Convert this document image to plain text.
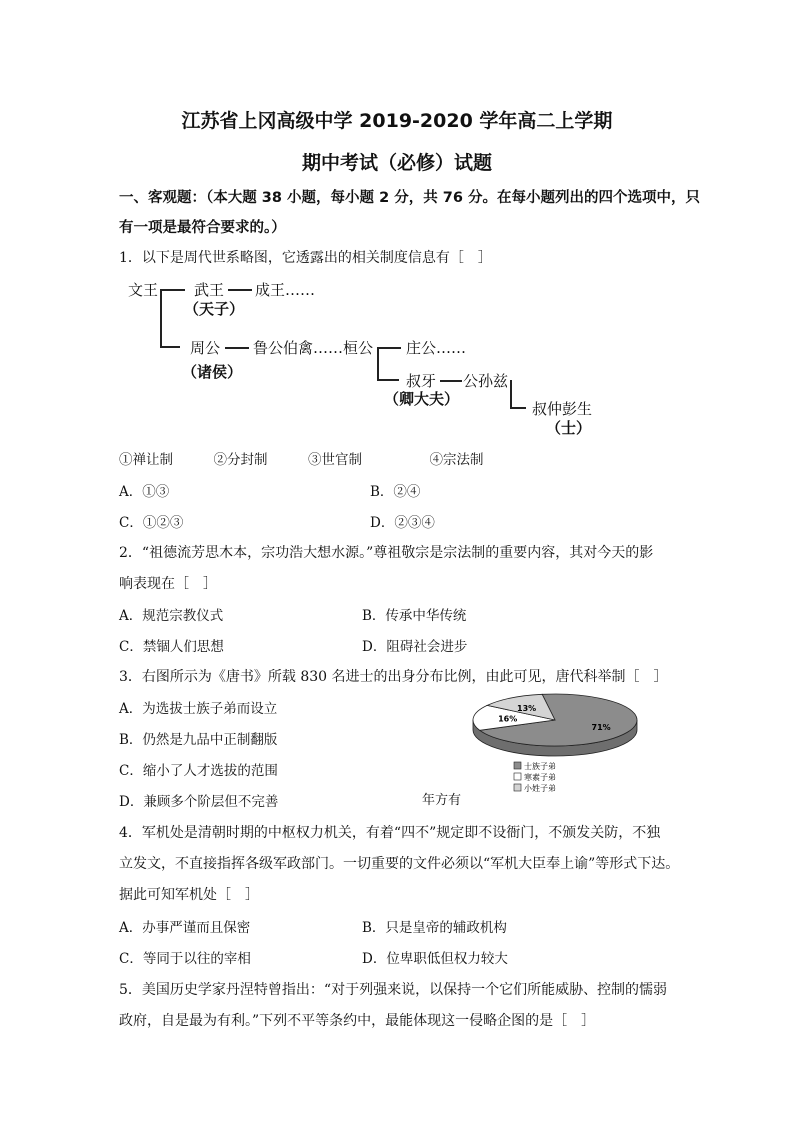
江苏省上冈高级中学 2019-2020 学年高二上学期
期中考试（必修）试题
一、客观题：（本大题 38 小题，每小题 2 分，共 76 分。在每小题列出的四个选项中，只
有一项是最符合要求的。）
1．以下是周代世系略图，它透露出的相关制度信息有［　］
文王 武王 成王……
（天子）
周公 鲁公伯禽……桓公
（诸侯）
庄公……
叔牙 公孙兹
（卿大夫）
叔仲彭生
（士）
①禅让制　　　②分封制　　　③世官制　　　　　④宗法制
A．①③	B．②④
C．①②③	D．②③④
2．“祖德流芳思木本，宗功浩大想水源。”尊祖敬宗是宗法制的重要内容，其对今天的影
响表现在［　］
A．规范宗教仪式	B．传承中华传统
C．禁锢人们思想	D．阻碍社会进步
3．右图所示为《唐书》所载 830 名进士的出身分布比例，由此可见，唐代科举制［　］
A．为选拔士族子弟而设立
B．仍然是九品中正制翻版
C．缩小了人才选拔的范围
D．兼顾多个阶层但不完善
71%
16%
13%
士族子弟
寒素子弟
小姓子弟
年方有
4．军机处是清朝时期的中枢权力机关，有着“四不”规定即不设衙门，不颁发关防，不独
立发文，不直接指挥各级军政部门。一切重要的文件必须以“军机大臣奉上谕”等形式下达。
据此可知军机处［　］
A．办事严谨而且保密	B．只是皇帝的辅政机构
C．等同于以往的宰相	D．位卑职低但权力较大
5．美国历史学家丹涅特曾指出：“对于列强来说，以保持一个它们所能威胁、控制的懦弱
政府，自是最为有利。”下列不平等条约中，最能体现这一侵略企图的是［　］
